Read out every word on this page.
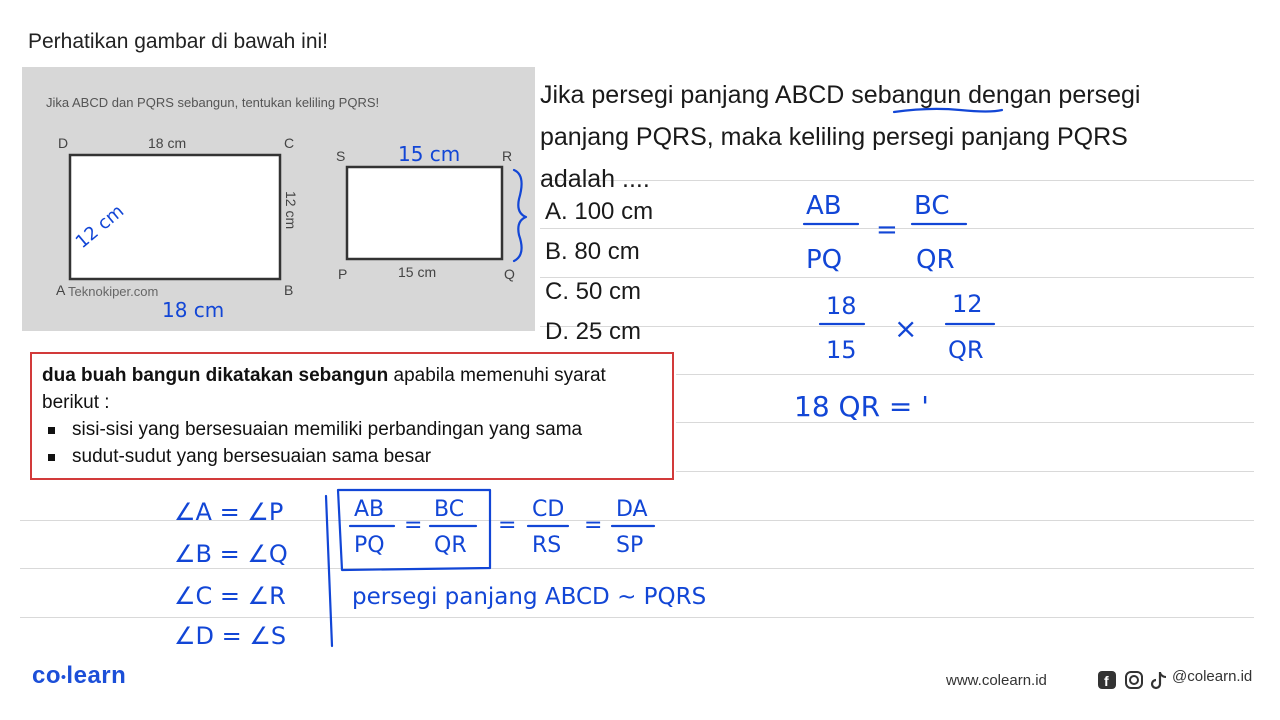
Perhatikan gambar di bawah ini!
Jika ABCD dan PQRS sebangun, tentukan keliling PQRS!
D	C
A	B
18 cm
12 cm
Teknokiper.com
S	R
P	Q
15 cm
15 cm
12 cm
18 cm
Jika persegi panjang ABCD sebangun dengan persegi
panjang PQRS, maka keliling persegi panjang PQRS
adalah ....
A. 100 cm
B. 80 cm
C. 50 cm
D. 25 cm
dua buah bangun dikatakan sebangun apabila memenuhi syarat berikut :
sisi-sisi yang bersesuaian memiliki perbandingan yang sama
sudut-sudut yang bersesuaian sama besar
AB
PQ
=
BC
QR
18
15
×
12
QR
18 QR = '
∠A = ∠P
∠B = ∠Q
∠C = ∠R
∠D = ∠S
AB
PQ
=
BC
QR
=
CD
RS
=
DA
SP
persegi panjang ABCD ~ PQRS
co•learn	www.colearn.id	f	@colearn.id
